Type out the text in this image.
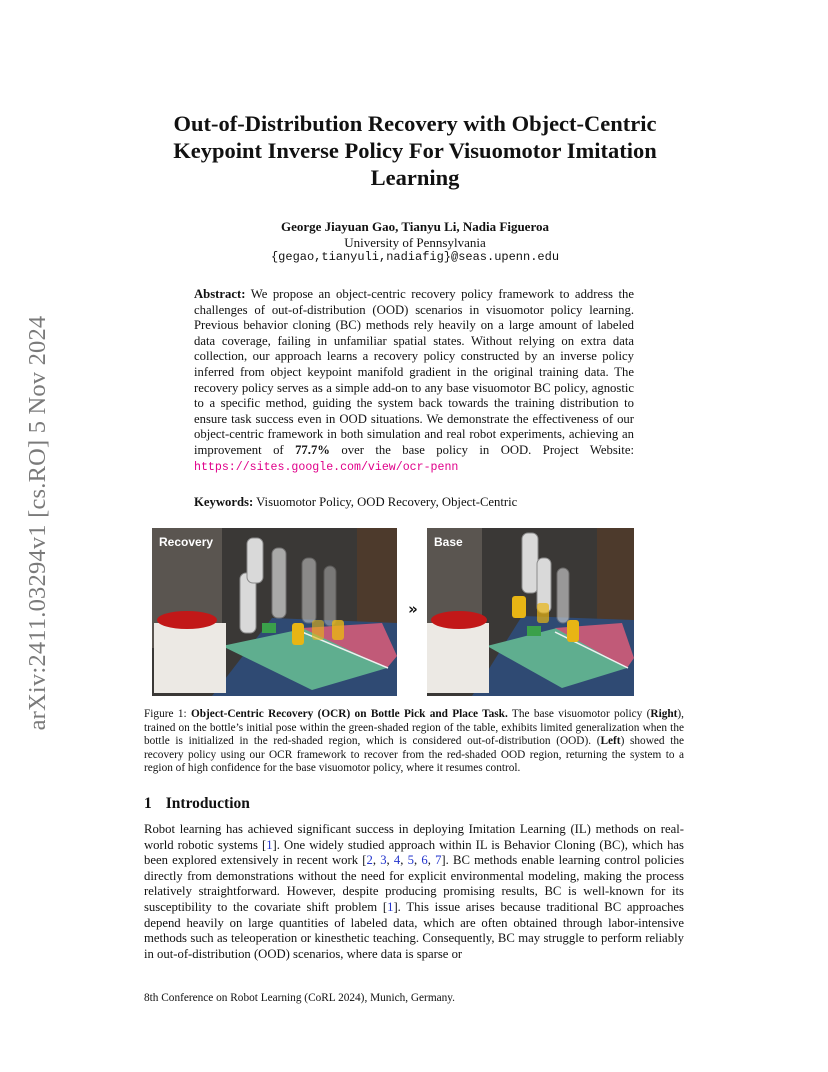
arXiv:2411.03294v1 [cs.RO] 5 Nov 2024
Out-of-Distribution Recovery with Object-Centric
Keypoint Inverse Policy For Visuomotor Imitation
Learning
George Jiayuan Gao, Tianyu Li, Nadia Figueroa
University of Pennsylvania
{gegao,tianyuli,nadiafig}@seas.upenn.edu
Abstract: We propose an object-centric recovery policy framework to address the challenges of out-of-distribution (OOD) scenarios in visuomotor policy learning. Previous behavior cloning (BC) methods rely heavily on a large amount of labeled data coverage, failing in unfamiliar spatial states. Without relying on extra data collection, our approach learns a recovery policy constructed by an inverse policy inferred from object keypoint manifold gradient in the original training data. The recovery policy serves as a simple add-on to any base visuomotor BC policy, agnostic to a specific method, guiding the system back towards the training distribution to ensure task success even in OOD situations. We demonstrate the effectiveness of our object-centric framework in both simulation and real robot experiments, achieving an improvement of 77.7% over the base policy in OOD. Project Website: https://sites.google.com/view/ocr-penn
Keywords: Visuomotor Policy, OOD Recovery, Object-Centric
Recovery
»
Base
Figure 1: Object-Centric Recovery (OCR) on Bottle Pick and Place Task. The base visuomotor policy (Right), trained on the bottle’s initial pose within the green-shaded region of the table, exhibits limited generalization when the bottle is initialized in the red-shaded region, which is considered out-of-distribution (OOD). (Left) showed the recovery policy using our OCR framework to recover from the red-shaded OOD region, returning the system to a region of high confidence for the base visuomotor policy, where it resumes control.
1 Introduction
Robot learning has achieved significant success in deploying Imitation Learning (IL) methods on real-world robotic systems [1]. One widely studied approach within IL is Behavior Cloning (BC), which has been explored extensively in recent work [2, 3, 4, 5, 6, 7]. BC methods enable learning control policies directly from demonstrations without the need for explicit environmental modeling, making the process relatively straightforward. However, despite producing promising results, BC is well-known for its susceptibility to the covariate shift problem [1]. This issue arises because traditional BC approaches depend heavily on large quantities of labeled data, which are often obtained through labor-intensive methods such as teleoperation or kinesthetic teaching. Consequently, BC may struggle to perform reliably in out-of-distribution (OOD) scenarios, where data is sparse or
8th Conference on Robot Learning (CoRL 2024), Munich, Germany.
